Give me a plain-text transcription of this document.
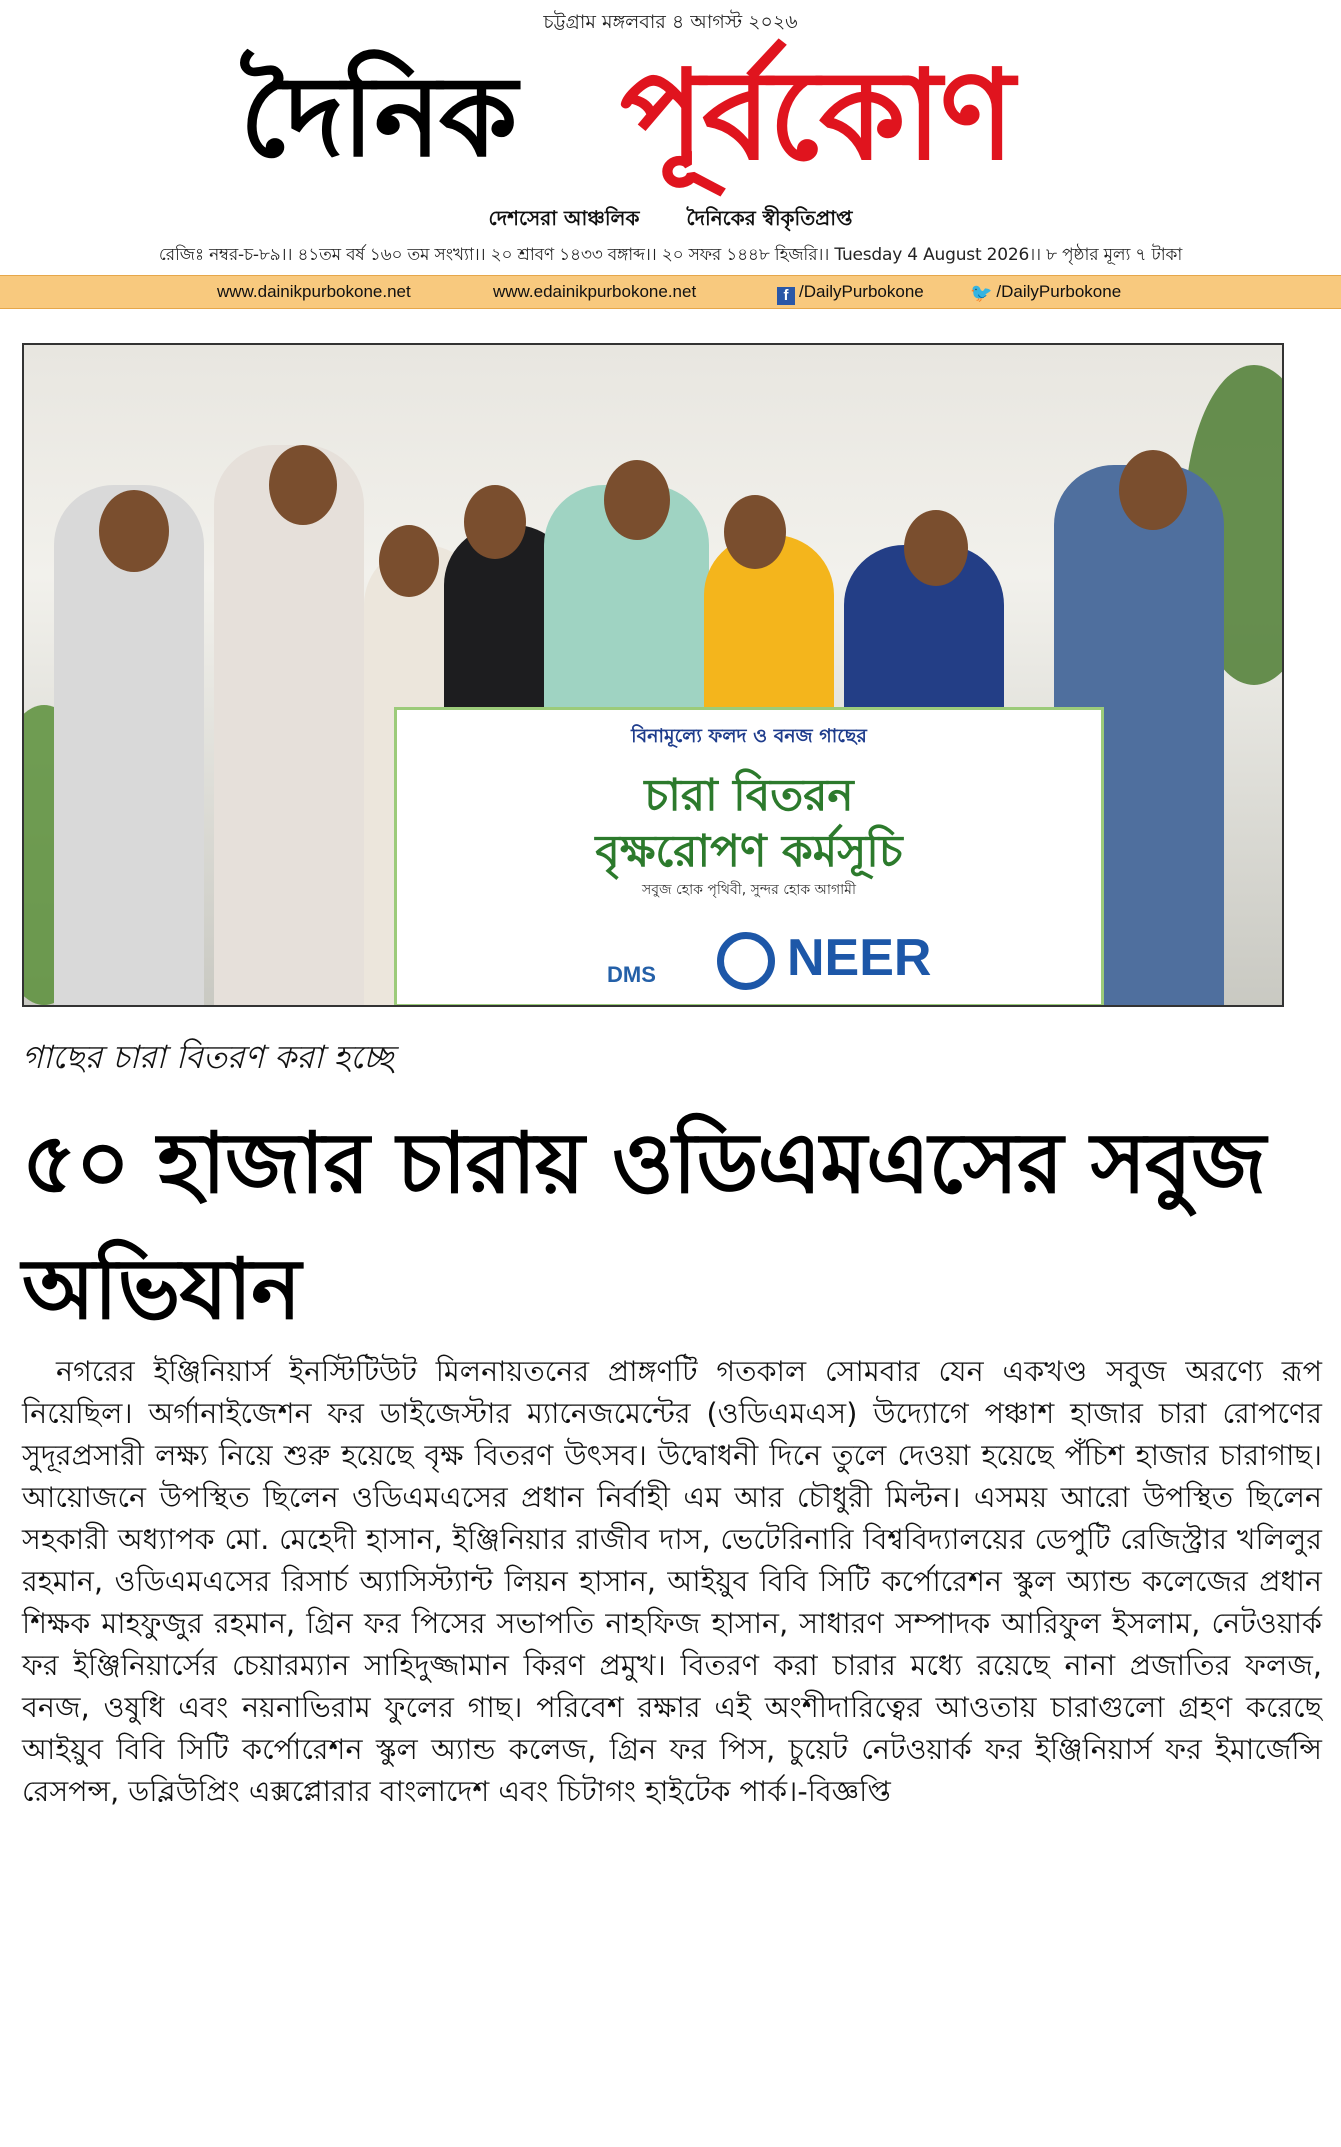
চট্টগ্রাম মঙ্গলবার ৪ আগস্ট ২০২৬
দৈনিক পূর্বকোণ
দেশসেরা আঞ্চলিক দৈনিকের স্বীকৃতিপ্রাপ্ত
রেজিঃ নম্বর-চ-৮৯।। ৪১তম বর্ষ ১৬০ তম সংখ্যা।। ২০ শ্রাবণ ১৪৩৩ বঙ্গাব্দ।। ২০ সফর ১৪৪৮ হিজরি।। Tuesday 4 August 2026।। ৮ পৃষ্ঠার মূল্য ৭ টাকা
www.dainikpurbokone.net	www.edainikpurbokone.net	f /DailyPurbokone	🐦 /DailyPurbokone
বিনামূল্যে ফলদ ও বনজ গাছের
চারা বিতরন
বৃক্ষরোপণ কর্মসূচি
সবুজ হোক পৃথিবী, সুন্দর হোক আগামী
DMS	NEER
গাছের চারা বিতরণ করা হচ্ছে
৫০ হাজার চারায় ওডিএমএসের সবুজ অভিযান
নগরের ইঞ্জিনিয়ার্স ইনস্টিটিউট মিলনায়তনের প্রাঙ্গণটি গতকাল সোমবার যেন একখণ্ড সবুজ অরণ্যে রূপ নিয়েছিল। অর্গানাইজেশন ফর ডাইজেস্টার ম্যানেজমেন্টের (ওডিএমএস) উদ্যোগে পঞ্চাশ হাজার চারা রোপণের সুদূরপ্রসারী লক্ষ্য নিয়ে শুরু হয়েছে বৃক্ষ বিতরণ উৎসব। উদ্বোধনী দিনে তুলে দেওয়া হয়েছে পঁচিশ হাজার চারাগাছ। আয়োজনে উপস্থিত ছিলেন ওডিএমএসের প্রধান নির্বাহী এম আর চৌধুরী মিল্টন। এসময় আরো উপস্থিত ছিলেন সহকারী অধ্যাপক মো. মেহেদী হাসান, ইঞ্জিনিয়ার রাজীব দাস, ভেটেরিনারি বিশ্ববিদ্যালয়ের ডেপুটি রেজিস্ট্রার খলিলুর রহমান, ওডিএমএসের রিসার্চ অ্যাসিস্ট্যান্ট লিয়ন হাসান, আইয়ুব বিবি সিটি কর্পোরেশন স্কুল অ্যান্ড কলেজের প্রধান শিক্ষক মাহফুজুর রহমান, গ্রিন ফর পিসের সভাপতি নাহফিজ হাসান, সাধারণ সম্পাদক আরিফুল ইসলাম, নেটওয়ার্ক ফর ইঞ্জিনিয়ার্সের চেয়ারম্যান সাহিদুজ্জামান কিরণ প্রমুখ। বিতরণ করা চারার মধ্যে রয়েছে নানা প্রজাতির ফলজ, বনজ, ওষুধি এবং নয়নাভিরাম ফুলের গাছ। পরিবেশ রক্ষার এই অংশীদারিত্বের আওতায় চারাগুলো গ্রহণ করেছে আইয়ুব বিবি সিটি কর্পোরেশন স্কুল অ্যান্ড কলেজ, গ্রিন ফর পিস, চুয়েট নেটওয়ার্ক ফর ইঞ্জিনিয়ার্স ফর ইমার্জেন্সি রেসপন্স, ডব্লিউপ্রিং এক্সপ্লোরার বাংলাদেশ এবং চিটাগং হাইটেক পার্ক।-বিজ্ঞপ্তি
